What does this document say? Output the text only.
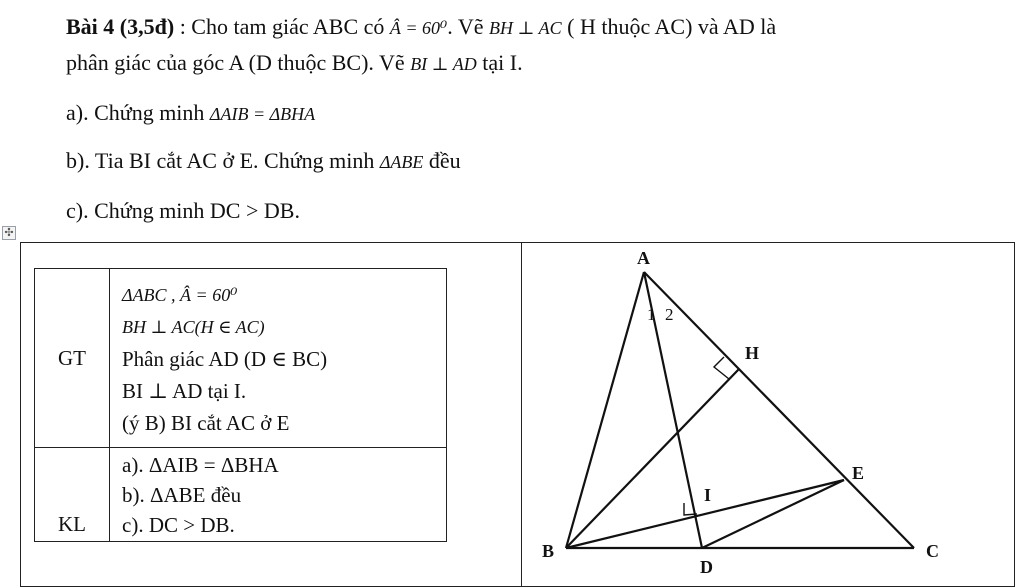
Bài 4 (3,5đ) : Cho tam giác ABC có Â = 60⁰. Vẽ BH ⊥ AC ( H thuộc AC) và AD là
phân giác của góc A (D thuộc BC). Vẽ BI ⊥ AD tại I.
a). Chứng minh ΔAIB = ΔBHA
b). Tia BI cắt AC ở E. Chứng minh ΔABE đều
c). Chứng minh DC > DB.
✣
GT	ΔABC , Â = 60⁰
BH ⊥ AC(H ∈ AC)
Phân giác AD (D ∈ BC)
BI ⊥ AD tại I.
(ý B) BI cắt AC ở E

KL	a). ΔAIB = ΔBHA
b). ΔABE đều
c). DC > DB.
A
B	C
D
E
H
I
1 2
